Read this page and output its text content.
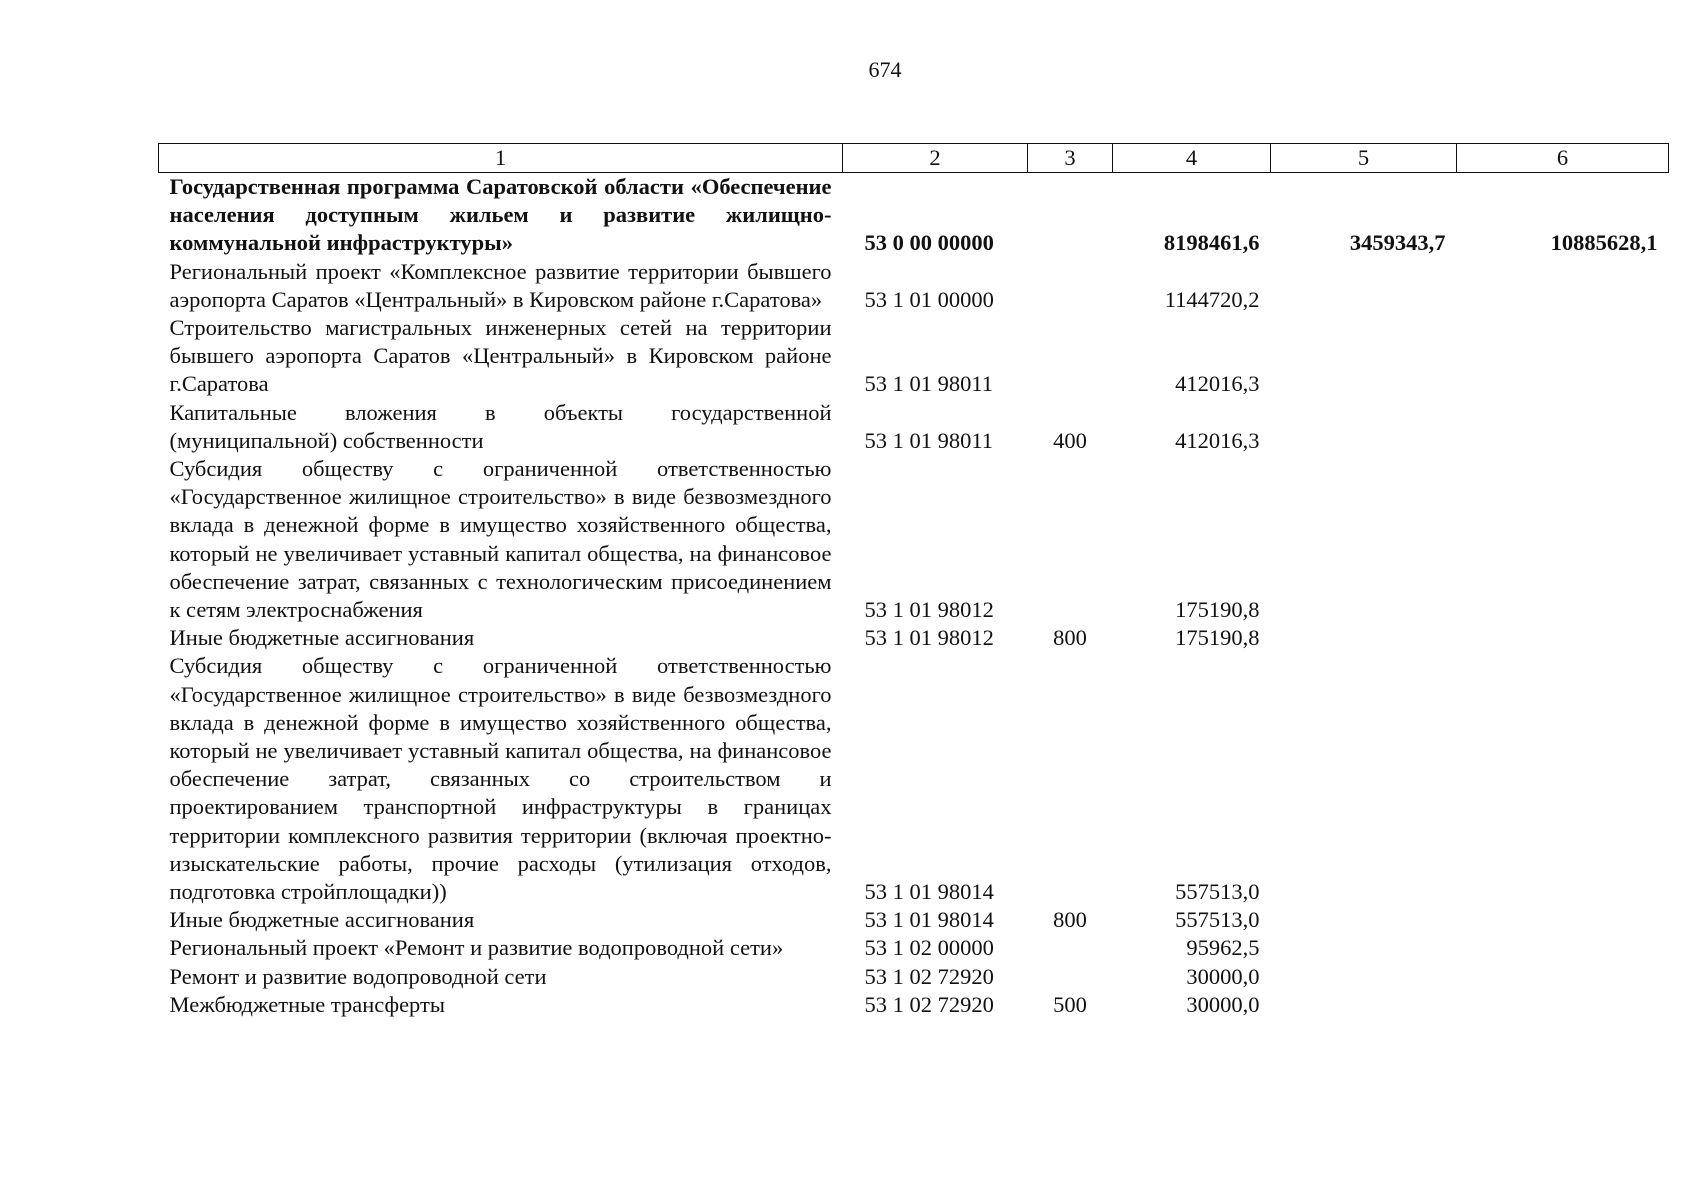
674
1	2	3	4	5	6
Государственная программа Саратовской области «Обеспечение населения доступным жильем и развитие жилищно-коммунальной инфраструктуры»	53 0 00 00000		8198461,6	3459343,7	10885628,1
Региональный проект «Комплексное развитие территории бывшего аэропорта Саратов «Центральный» в Кировском районе г.Саратова»	53 1 01 00000		1144720,2		
Строительство магистральных инженерных сетей на территории бывшего аэропорта Саратов «Центральный» в Кировском районе г.Саратова	53 1 01 98011		412016,3		
Капитальные вложения в объекты государственной (муниципальной) собственности	53 1 01 98011	400	412016,3		
Субсидия обществу с ограниченной ответственностью «Государственное жилищное строительство» в виде безвозмездного вклада в денежной форме в имущество хозяйственного общества, который не увеличивает уставный капитал общества, на финансовое обеспечение затрат, связанных с технологическим присоединением к сетям электроснабжения	53 1 01 98012		175190,8		
Иные бюджетные ассигнования	53 1 01 98012	800	175190,8		
Субсидия обществу с ограниченной ответственностью «Государственное жилищное строительство» в виде безвозмездного вклада в денежной форме в имущество хозяйственного общества, который не увеличивает уставный капитал общества, на финансовое обеспечение затрат, связанных со строительством и проектированием транспортной инфраструктуры в границах территории комплексного развития территории (включая проектно-изыскательские работы, прочие расходы (утилизация отходов, подготовка стройплощадки))	53 1 01 98014		557513,0		
Иные бюджетные ассигнования	53 1 01 98014	800	557513,0		
Региональный проект «Ремонт и развитие водопроводной сети»	53 1 02 00000		95962,5		
Ремонт и развитие водопроводной сети	53 1 02 72920		30000,0		
Межбюджетные трансферты	53 1 02 72920	500	30000,0		
